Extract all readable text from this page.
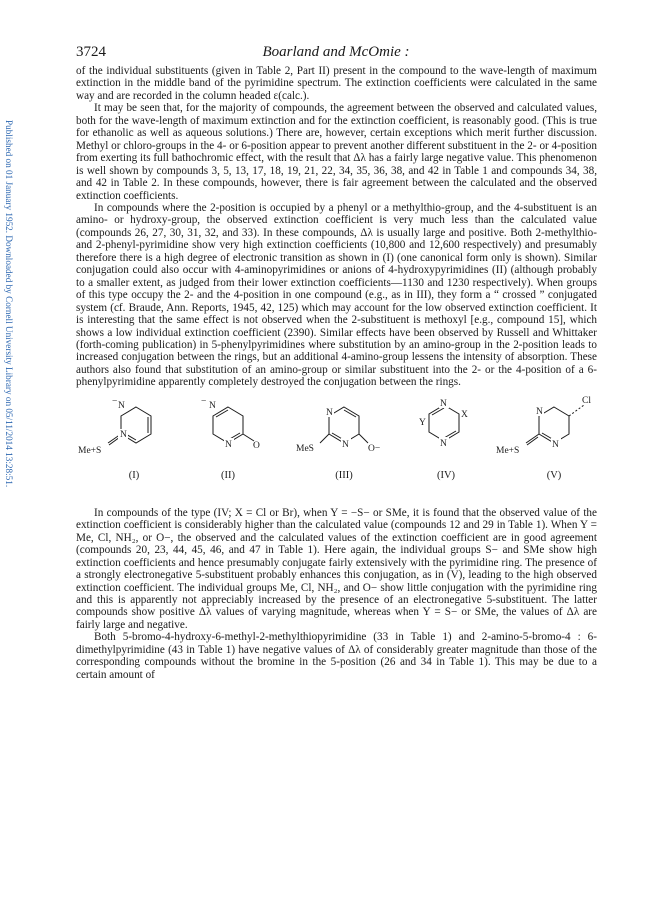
Published on 01 January 1952. Downloaded by Cornell University Library on 05/11/2014 13:28:51.
3724	Boarland and McOmie :

of the individual substituents (given in Table 2, Part II) present in the compound to the wave-length of maximum extinction in the middle band of the pyrimidine spectrum. The extinction coefficients were calculated in the same way and are recorded in the column headed ε(calc.).

It may be seen that, for the majority of compounds, the agreement between the observed and calculated values, both for the wave-length of maximum extinction and for the extinction coefficient, is reasonably good. (This is true for ethanolic as well as aqueous solutions.) There are, however, certain exceptions which merit further discussion. Methyl or chloro-groups in the 4- or 6-position appear to prevent another different substituent in the 2- or 4-position from exerting its full bathochromic effect, with the result that Δλ has a fairly large negative value. This phenomenon is well shown by compounds 3, 5, 13, 17, 18, 19, 21, 22, 34, 35, 36, 38, and 42 in Table 1 and compounds 34, 38, and 42 in Table 2. In these compounds, however, there is fair agreement between the calculated and the observed extinction coefficients.

In compounds where the 2-position is occupied by a phenyl or a methylthio-group, and the 4-substituent is an amino- or hydroxy-group, the observed extinction coefficient is very much less than the calculated value (compounds 26, 27, 30, 31, 32, and 33). In these compounds, Δλ is usually large and positive. Both 2-methylthio- and 2-phenyl-pyrimidine show very high extinction coefficients (10,800 and 12,600 respectively) and presumably therefore there is a high degree of electronic transition as shown in (I) (one canonical form only is shown). Similar conjugation could also occur with 4-aminopyrimidines or anions of 4-hydroxypyrimidines (II) (although probably to a smaller extent, as judged from their lower extinction coefficients—1130 and 1230 respectively). When groups of this type occupy the 2- and the 4-position in one compound (e.g., as in III), they form a “ crossed ” conjugated system (cf. Braude, Ann. Reports, 1945, 42, 125) which may account for the low observed extinction coefficient. It is interesting that the same effect is not observed when the 2-substituent is methoxyl [e.g., compound 15], which shows a low individual extinction coefficient (2390). Similar effects have been observed by Russell and Whittaker (forth-coming publication) in 5-phenylpyrimidines where substitution by an amino-group in the 2-position leads to increased conjugation between the rings, but an additional 4-amino-group lessens the intensity of absorption. These authors also found that substitution of an amino-group or similar substituent into the 2- or the 4-position of a 6-phenylpyrimidine apparently completely destroyed the conjugation between the rings.

N
−
N
Me+S
(I)
N
−
N O
(II)
N
N
MeS	O−
(III)
N
N
X
Y
(IV)
N
N
Me+S
Cl
(V)

In compounds of the type (IV; X = Cl or Br), when Y = −S− or SMe, it is found that the observed value of the extinction coefficient is considerably higher than the calculated value (compounds 12 and 29 in Table 1). When Y = Me, Cl, NH₂, or O−, the observed and the calculated values of the extinction coefficient are in good agreement (compounds 20, 23, 44, 45, 46, and 47 in Table 1). Here again, the individual groups S− and SMe show high extinction coefficients and hence presumably conjugate fairly extensively with the pyrimidine ring. The presence of a strongly electronegative 5-substituent probably enhances this conjugation, as in (V), leading to the high observed extinction coefficient. The individual groups Me, Cl, NH₂, and O− show little conjugation with the pyrimidine ring and this is apparently not appreciably increased by the presence of an electronegative 5-substituent. The latter compounds show positive Δλ values of varying magnitude, whereas when Y = S− or SMe, the values of Δλ are fairly large and negative.

Both 5-bromo-4-hydroxy-6-methyl-2-methylthiopyrimidine (33 in Table 1) and 2-amino-5-bromo-4 : 6-dimethylpyrimidine (43 in Table 1) have negative values of Δλ of considerably greater magnitude than those of the corresponding compounds without the bromine in the 5-position (26 and 34 in Table 1). This may be due to a certain amount of
